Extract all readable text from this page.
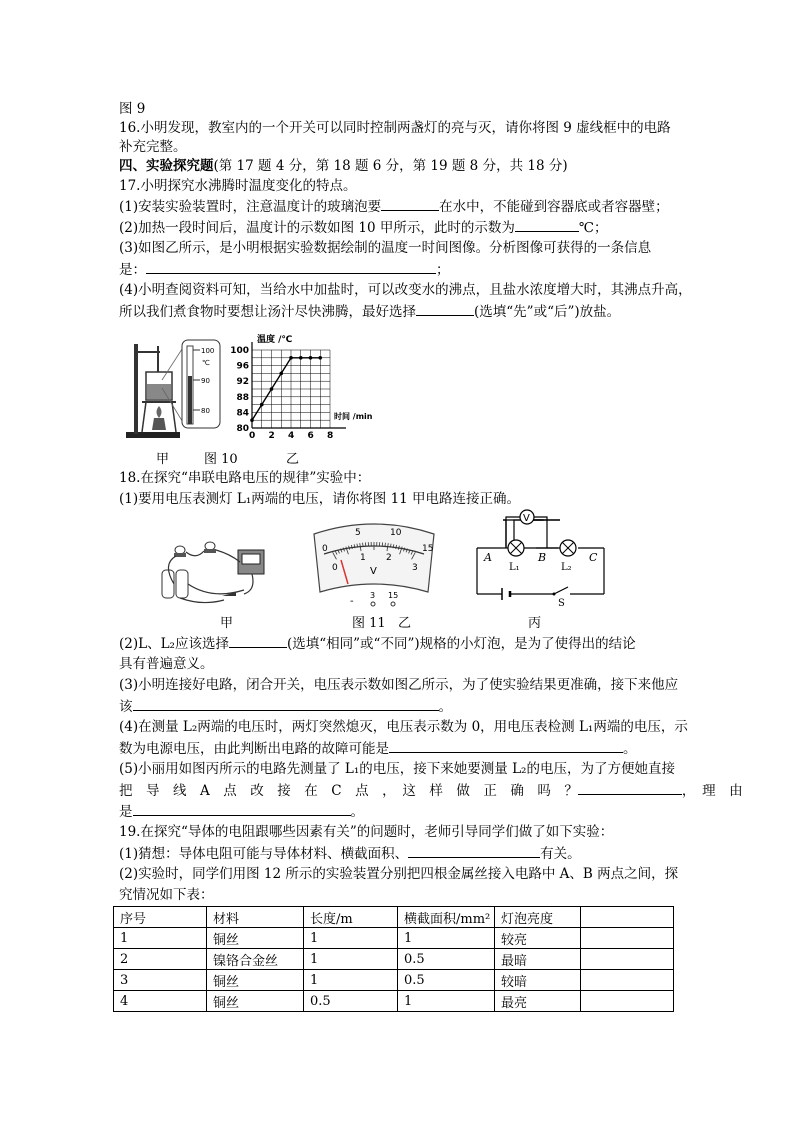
图 9
16.小明发现，教室内的一个开关可以同时控制两盏灯的亮与灭，请你将图 9 虚线框中的电路
补充完整。
四、实验探究题(第 17 题 4 分，第 18 题 6 分，第 19 题 8 分，共 18 分)
17.小明探究水沸腾时温度变化的特点。
(1)安装实验装置时，注意温度计的玻璃泡要	在水中，不能碰到容器底或者容器壁；
(2)加热一段时间后，温度计的示数如图 10 甲所示，此时的示数为	℃；
(3)如图乙所示，是小明根据实验数据绘制的温度一时间图像。分析图像可获得的一条信息
是：	；
(4)小明查阅资料可知，当给水中加盐时，可以改变水的沸点，且盐水浓度增大时，其沸点升高，
所以我们煮食物时要想让汤汁尽快沸腾，最好选择	(选填“先”或“后”)放盐。
100
℃
90
80
0 2 4 6 8
80
84
88
92
96
100
温度 /℃
时间 /min
甲	图 10	乙
18.在探究“串联电路电压的规律”实验中：
(1)要用电压表测灯 L₁两端的电压，请你将图 11 甲电路连接正确。
0
5	10
15
0
1 2
3
V
-
3 15
V
A	B	C
L₁	L₂
S
甲	图 11 乙	丙
(2)L、L₂应该选择	(选填“相同”或“不同”)规格的小灯泡，是为了使得出的结论
具有普遍意义。
(3)小明连接好电路，闭合开关，电压表示数如图乙所示，为了使实验结果更准确，接下来他应
该	。
(4)在测量 L₂两端的电压时，两灯突然熄灭，电压表示数为 0，用电压表检测 L₁两端的电压，示
数为电源电压，由此判断出电路的故障可能是	。
(5)小丽用如图丙所示的电路先测量了 L₁的电压，接下来她要测量 L₂的电压，为了方便她直接
把　导　线　A　点　改　接　在　C　点　，　这　样　做　正　确　吗　？	，　理　由
是	。
19.在探究“导体的电阻跟哪些因素有关”的问题时，老师引导同学们做了如下实验：
(1)猜想：导体电阻可能与导体材料、横截面积、	有关。
(2)实验时，同学们用图 12 所示的实验装置分别把四根金属丝接入电路中 A、B 两点之间，探
究情况如下表：
序号	材料	长度/m	横截面积/mm²	灯泡亮度	
1	铜丝	1	1	较亮	
2	镍铬合金丝	1	0.5	最暗	
3	铜丝	1	0.5	较暗	
4	铜丝	0.5	1	最亮	
